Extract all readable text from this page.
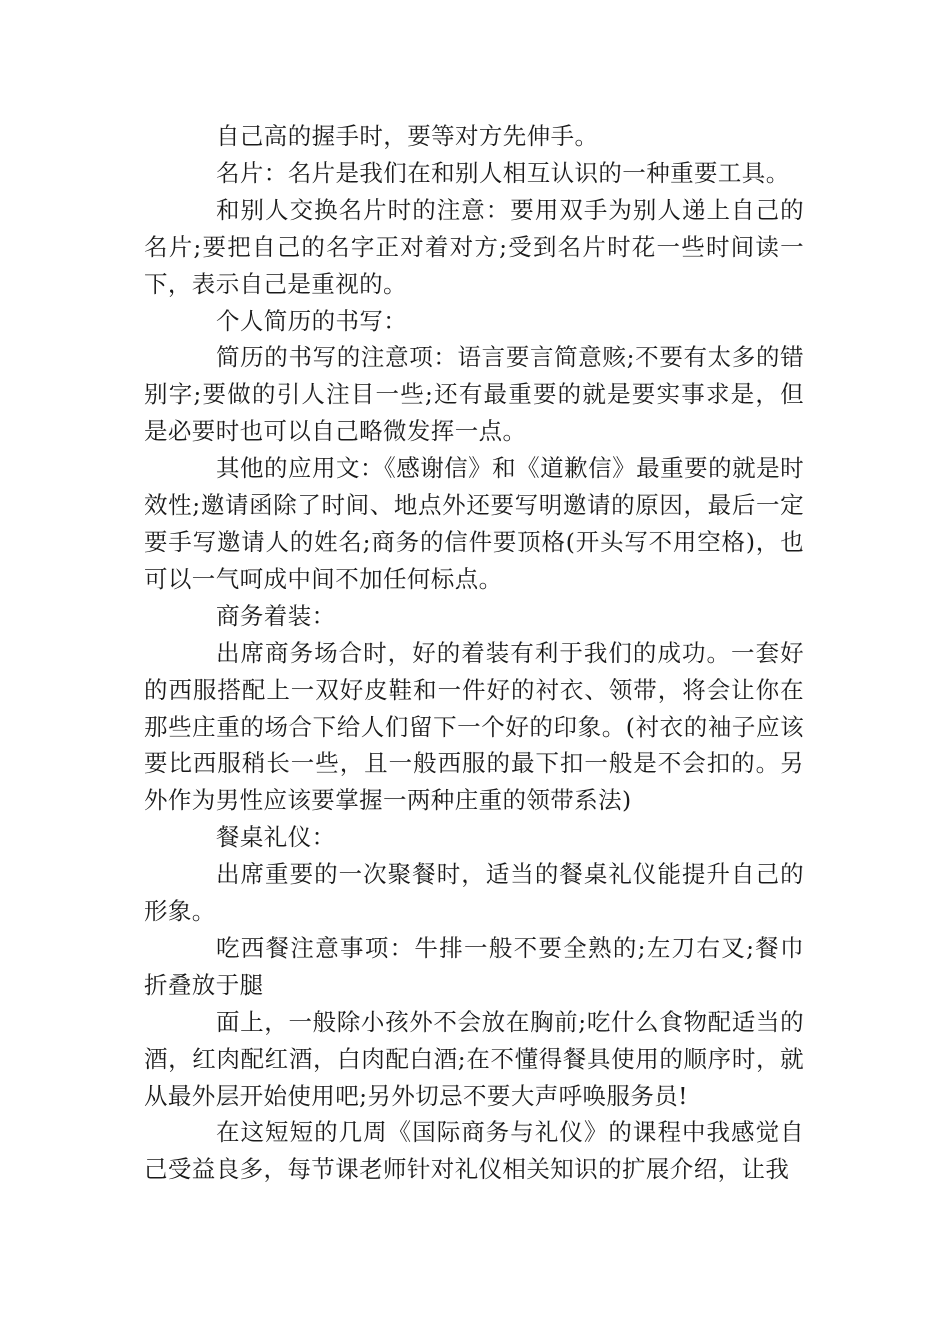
自己高的握手时，要等对方先伸手。

名片：名片是我们在和别人相互认识的一种重要工具。

和别人交换名片时的注意：要用双手为别人递上自己的名片;要把自己的名字正对着对方;受到名片时花一些时间读一下，表示自己是重视的。

个人简历的书写：

简历的书写的注意项：语言要言简意赅;不要有太多的错别字;要做的引人注目一些;还有最重要的就是要实事求是，但是必要时也可以自己略微发挥一点。

其他的应用文：《感谢信》和《道歉信》最重要的就是时效性;邀请函除了时间、地点外还要写明邀请的原因，最后一定要手写邀请人的姓名;商务的信件要顶格(开头写不用空格)，也可以一气呵成中间不加任何标点。

商务着装：

出席商务场合时，好的着装有利于我们的成功。一套好的西服搭配上一双好皮鞋和一件好的衬衣、领带，将会让你在那些庄重的场合下给人们留下一个好的印象。(衬衣的袖子应该要比西服稍长一些，且一般西服的最下扣一般是不会扣的。另外作为男性应该要掌握一两种庄重的领带系法)

餐桌礼仪：

出席重要的一次聚餐时，适当的餐桌礼仪能提升自己的形象。

吃西餐注意事项：牛排一般不要全熟的;左刀右叉;餐巾折叠放于腿

面上，一般除小孩外不会放在胸前;吃什么食物配适当的酒，红肉配红酒，白肉配白酒;在不懂得餐具使用的顺序时，就从最外层开始使用吧;另外切忌不要大声呼唤服务员!

在这短短的几周《国际商务与礼仪》的课程中我感觉自己受益良多，每节课老师针对礼仪相关知识的扩展介绍，让我
